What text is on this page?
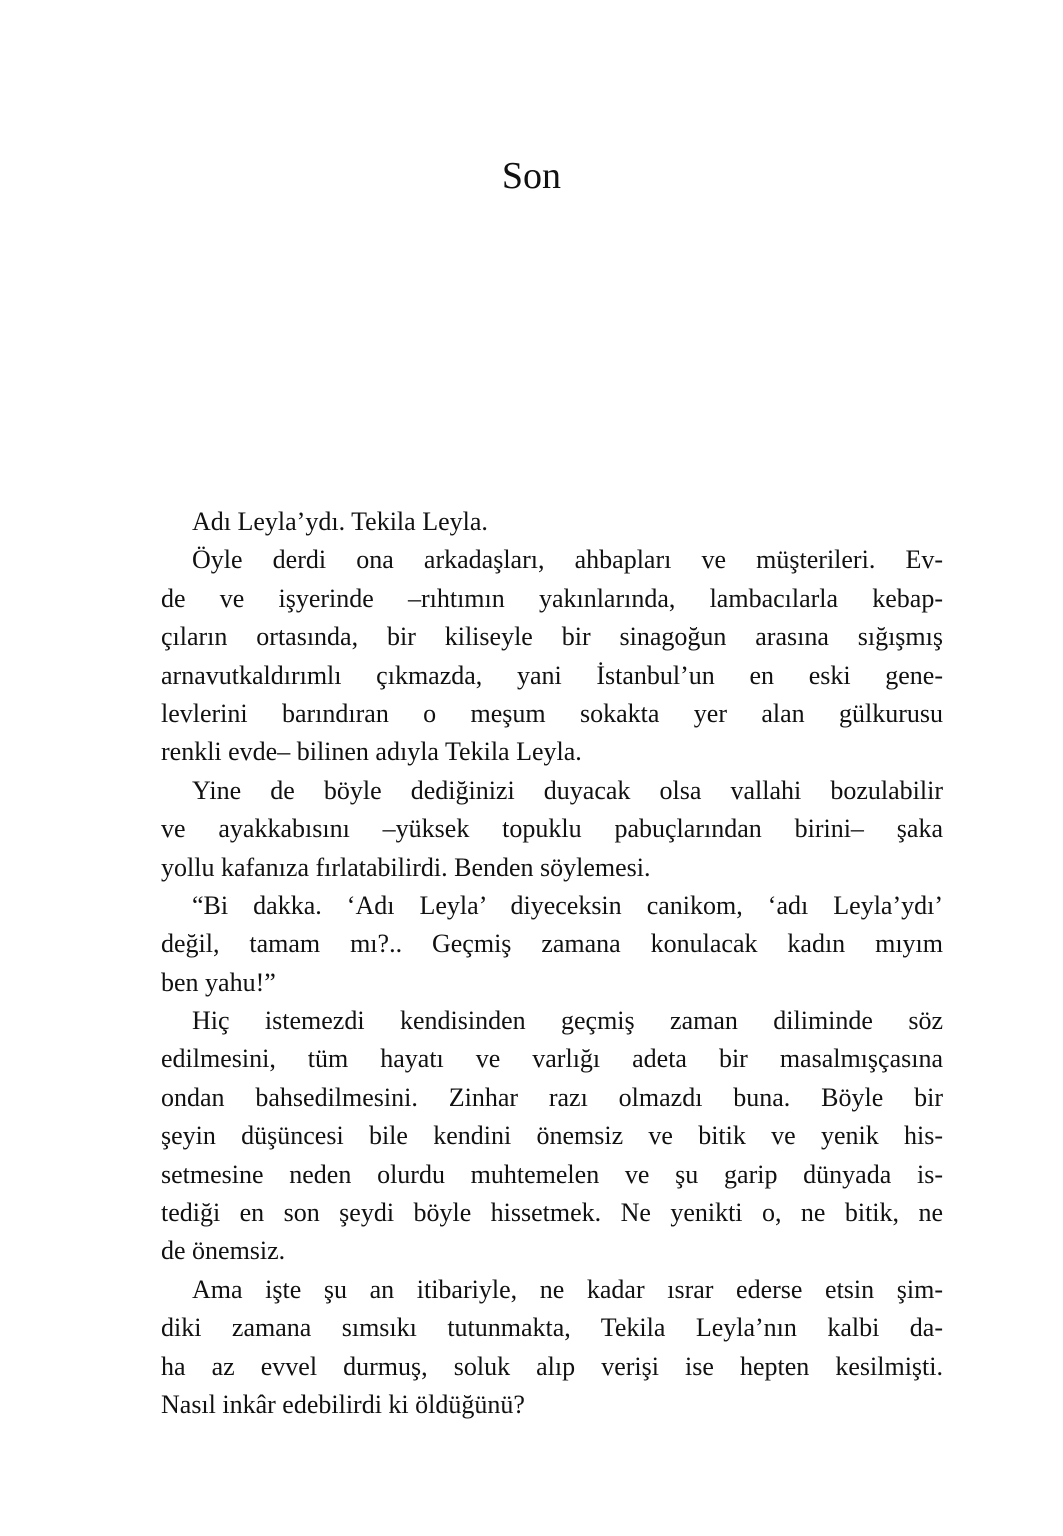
Son

Adı Leyla’ydı. Tekila Leyla.

Öyle derdi ona arkadaşları, ahbapları ve müşterileri. Ev-

de ve işyerinde –rıhtımın yakınlarında, lambacılarla kebap-

çıların ortasında, bir kiliseyle bir sinagoğun arasına sığışmış

arnavutkaldırımlı çıkmazda, yani İstanbul’un en eski gene-

levlerini barındıran o meşum sokakta yer alan gülkurusu

renkli evde– bilinen adıyla Tekila Leyla.

Yine de böyle dediğinizi duyacak olsa vallahi bozulabilir

ve ayakkabısını –yüksek topuklu pabuçlarından birini– şaka

yollu kafanıza fırlatabilirdi. Benden söylemesi.

“Bi dakka. ‘Adı Leyla’ diyeceksin canikom, ‘adı Leyla’ydı’

değil, tamam mı?.. Geçmiş zamana konulacak kadın mıyım

ben yahu!”

Hiç istemezdi kendisinden geçmiş zaman diliminde söz

edilmesini, tüm hayatı ve varlığı adeta bir masalmışçasına

ondan bahsedilmesini. Zinhar razı olmazdı buna. Böyle bir

şeyin düşüncesi bile kendini önemsiz ve bitik ve yenik his-

setmesine neden olurdu muhtemelen ve şu garip dünyada is-

tediği en son şeydi böyle hissetmek. Ne yenikti o, ne bitik, ne

de önemsiz.

Ama işte şu an itibariyle, ne kadar ısrar ederse etsin şim-

diki zamana sımsıkı tutunmakta, Tekila Leyla’nın kalbi da-

ha az evvel durmuş, soluk alıp verişi ise hepten kesilmişti.

Nasıl inkâr edebilirdi ki öldüğünü?
